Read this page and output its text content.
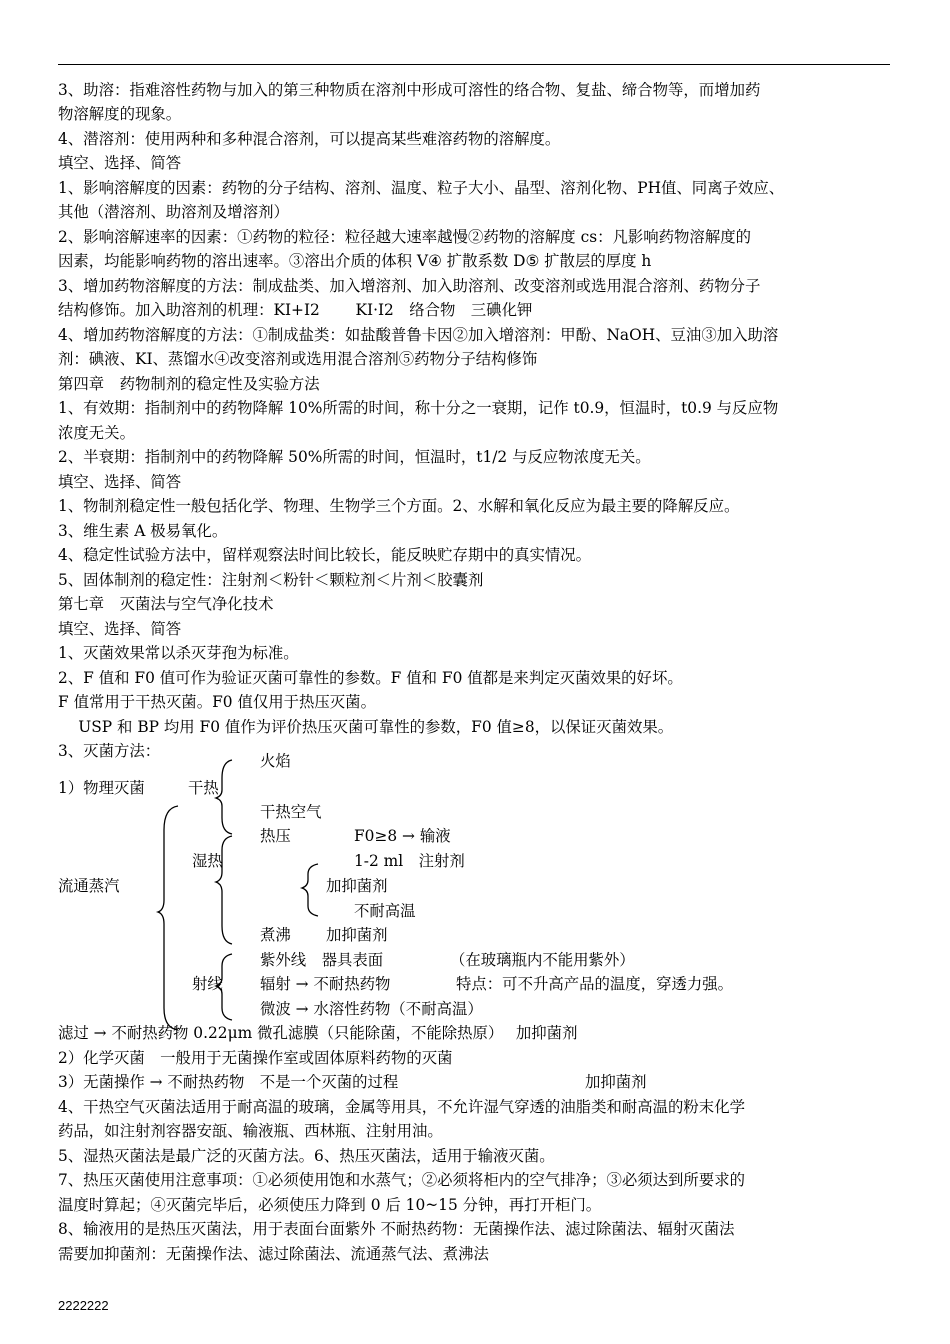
3、助溶：指难溶性药物与加入的第三种物质在溶剂中形成可溶性的络合物、复盐、缔合物等，而增加药
物溶解度的现象。
4、潜溶剂：使用两种和多种混合溶剂，可以提高某些难溶药物的溶解度。
填空、选择、简答
1、影响溶解度的因素：药物的分子结构、溶剂、温度、粒子大小、晶型、溶剂化物、PH值、同离子效应、
其他（潜溶剂、助溶剂及增溶剂）
2、影响溶解速率的因素：①药物的粒径：粒径越大速率越慢②药物的溶解度 cs：凡影响药物溶解度的
因素，均能影响药物的溶出速率。③溶出介质的体积 V④ 扩散系数 D⑤ 扩散层的厚度 h
3、增加药物溶解度的方法：制成盐类、加入增溶剂、加入助溶剂、改变溶剂或选用混合溶剂、药物分子
结构修饰。加入助溶剂的机理：KI+I2　　 KI·I2　络合物　三碘化钾
4、增加药物溶解度的方法：①制成盐类：如盐酸普鲁卡因②加入增溶剂：甲酚、NaOH、豆油③加入助溶
剂：碘液、KI、蒸馏水④改变溶剂或选用混合溶剂⑤药物分子结构修饰
第四章　药物制剂的稳定性及实验方法
1、有效期：指制剂中的药物降解 10%所需的时间，称十分之一衰期，记作 t0.9，恒温时，t0.9 与反应物
浓度无关。
2、半衰期：指制剂中的药物降解 50%所需的时间，恒温时，t1/2 与反应物浓度无关。
填空、选择、简答
1、物制剂稳定性一般包括化学、物理、生物学三个方面。2、水解和氧化反应为最主要的降解反应。
3、维生素 A 极易氧化。
4、稳定性试验方法中，留样观察法时间比较长，能反映贮存期中的真实情况。
5、固体制剂的稳定性：注射剂＜粉针＜颗粒剂＜片剂＜胶囊剂
第七章　灭菌法与空气净化技术
填空、选择、简答
1、灭菌效果常以杀灭芽孢为标准。
2、F 值和 F0 值可作为验证灭菌可靠性的参数。F 值和 F0 值都是来判定灭菌效果的好坏。
F 值常用于干热灭菌。F0 值仅用于热压灭菌。
　 USP 和 BP 均用 F0 值作为评价热压灭菌可靠性的参数，F0 值≥8，以保证灭菌效果。
3、灭菌方法：
火焰
1）物理灭菌	干热
干热空气
热压	F0≥8 → 输液
湿热	1-2 ml　注射剂
流通蒸汽	加抑菌剂
不耐高温
煮沸 加抑菌剂
紫外线　器具表面	（在玻璃瓶内不能用紫外）
射线 辐射 → 不耐热药物	特点：可不升高产品的温度，穿透力强。
微波 → 水溶性药物（不耐高温）
滤过 → 不耐热药物 0.22μm 微孔滤膜（只能除菌，不能除热原）　 加抑菌剂
2）化学灭菌　一般用于无菌操作室或固体原料药物的灭菌
3）无菌操作 → 不耐热药物　不是一个灭菌的过程	加抑菌剂
4、干热空气灭菌法适用于耐高温的玻璃，金属等用具，不允许湿气穿透的油脂类和耐高温的粉末化学
药品，如注射剂容器安瓿、输液瓶、西林瓶、注射用油。
5、湿热灭菌法是最广泛的灭菌方法。6、热压灭菌法，适用于输液灭菌。
7、热压灭菌使用注意事项：①必须使用饱和水蒸气；②必须将柜内的空气排净；③必须达到所要求的
温度时算起；④灭菌完毕后，必须使压力降到 0 后 10~15 分钟，再打开柜门。
8、输液用的是热压灭菌法，用于表面台面紫外 不耐热药物：无菌操作法、滤过除菌法、辐射灭菌法
需要加抑菌剂：无菌操作法、滤过除菌法、流通蒸气法、煮沸法
2222222
